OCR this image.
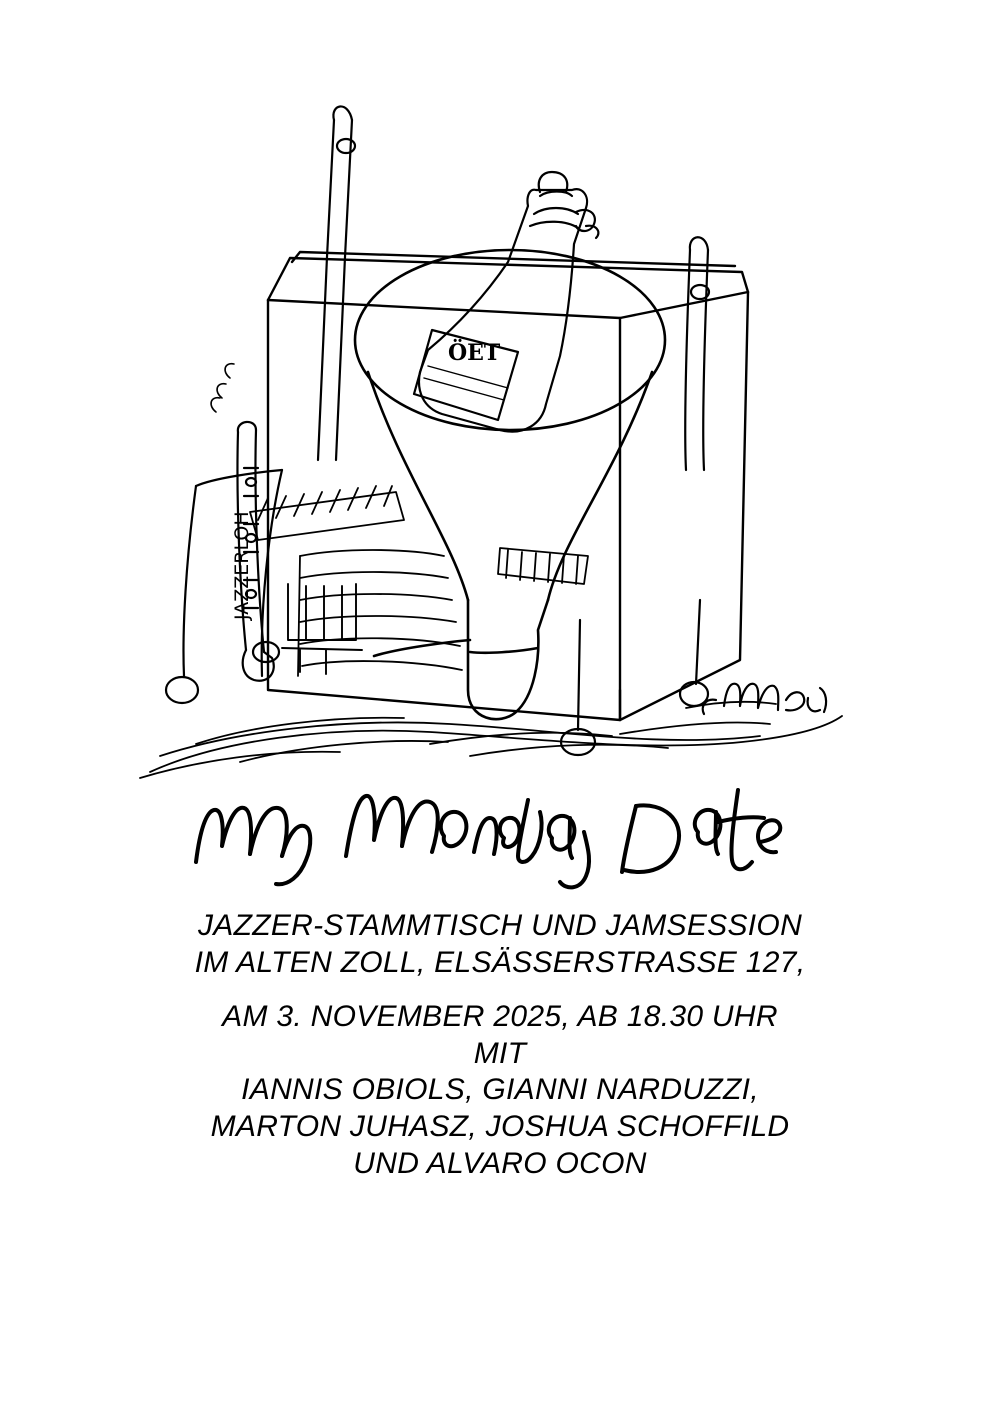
ÖET
JAZZERLOH
JAZZER-STAMMTISCH UND JAMSESSION
IM ALTEN ZOLL, ELSÄSSERSTRASSE 127,
AM 3. NOVEMBER 2025, AB 18.30 UHR
MIT
IANNIS OBIOLS, GIANNI NARDUZZI,
MARTON JUHASZ, JOSHUA SCHOFFILD
UND ALVARO OCON
